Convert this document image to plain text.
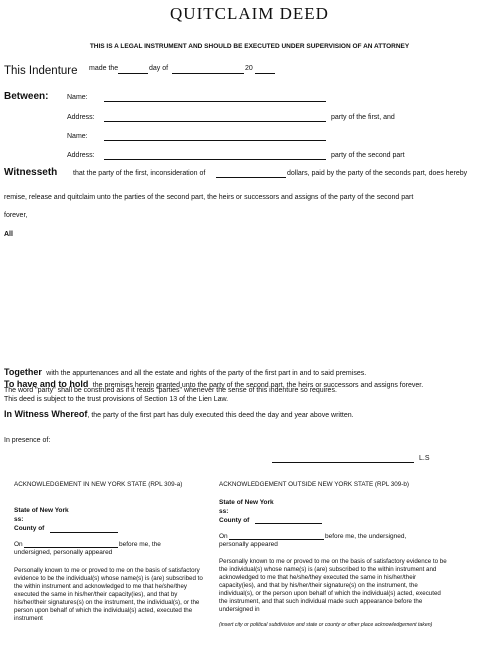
QUITCLAIM DEED
THIS IS A LEGAL INSTRUMENT AND SHOULD BE EXECUTED UNDER SUPERVISION OF AN ATTORNEY
This Indenture made the	day of	20
Between:	Name:
Address:	party of the first, and
Name:
Address:	party of the second part
Witnesseth that the party of the first, inconsideration of	dollars, paid by the party of the seconds part, does hereby
remise, release and quitclaim unto the parties of the second part, the heirs or successors and assigns of the party of the second part
forever,
All
Together with the appurtenances and all the estate and rights of the party of the first part in and to said premises.
To have and to hold the premises herein granted unto the party of the second part, the heirs or successors and assigns forever.
The word "party" shall be construed as if it reads "parties" whenever the sense of this indenture so requires.
This deed is subject to the trust provisions of Section 13 of the Lien Law.
In Witness Whereof, the party of the first part has duly executed this deed the day and year above written.
In presence of:
L.S
ACKNOWLEDGEMENT IN NEW YORK STATE (RPL 309-a)
State of New York
ss:
County of
On	before me, the
undersigned, personally appeared
Personally known to me or proved to me on the basis of satisfactory evidence to be the individual(s) whose name(s) is (are) subscribed to the within instrument and acknowledged to me that he/she/they executed the same in his/her/their capacity(ies), and that by his/her/their signatures(s) on the instrument, the individual(s), or the person upon behalf of which the individual(s) acted, executed the instrument
ACKNOWLEDGEMENT OUTSIDE NEW YORK STATE (RPL 309-b)
State of New York
ss:
County of
On	before me, the undersigned,
personally appeared
Personally known to me or proved to me on the basis of satisfactory evidence to be the individual(s) whose name(s) is (are) subscribed to the within instrument and acknowledged to me that he/she/they executed the same in his/her/their capacity(ies), and that by his/her/their signature(s) on the instrument, the individual(s), or the person upon behalf of which the individual(s) acted, executed the instrument, and that such individual made such appearance before the undersigned in
(insert city or political subdivision and state or county or other place acknowledgement taken)
